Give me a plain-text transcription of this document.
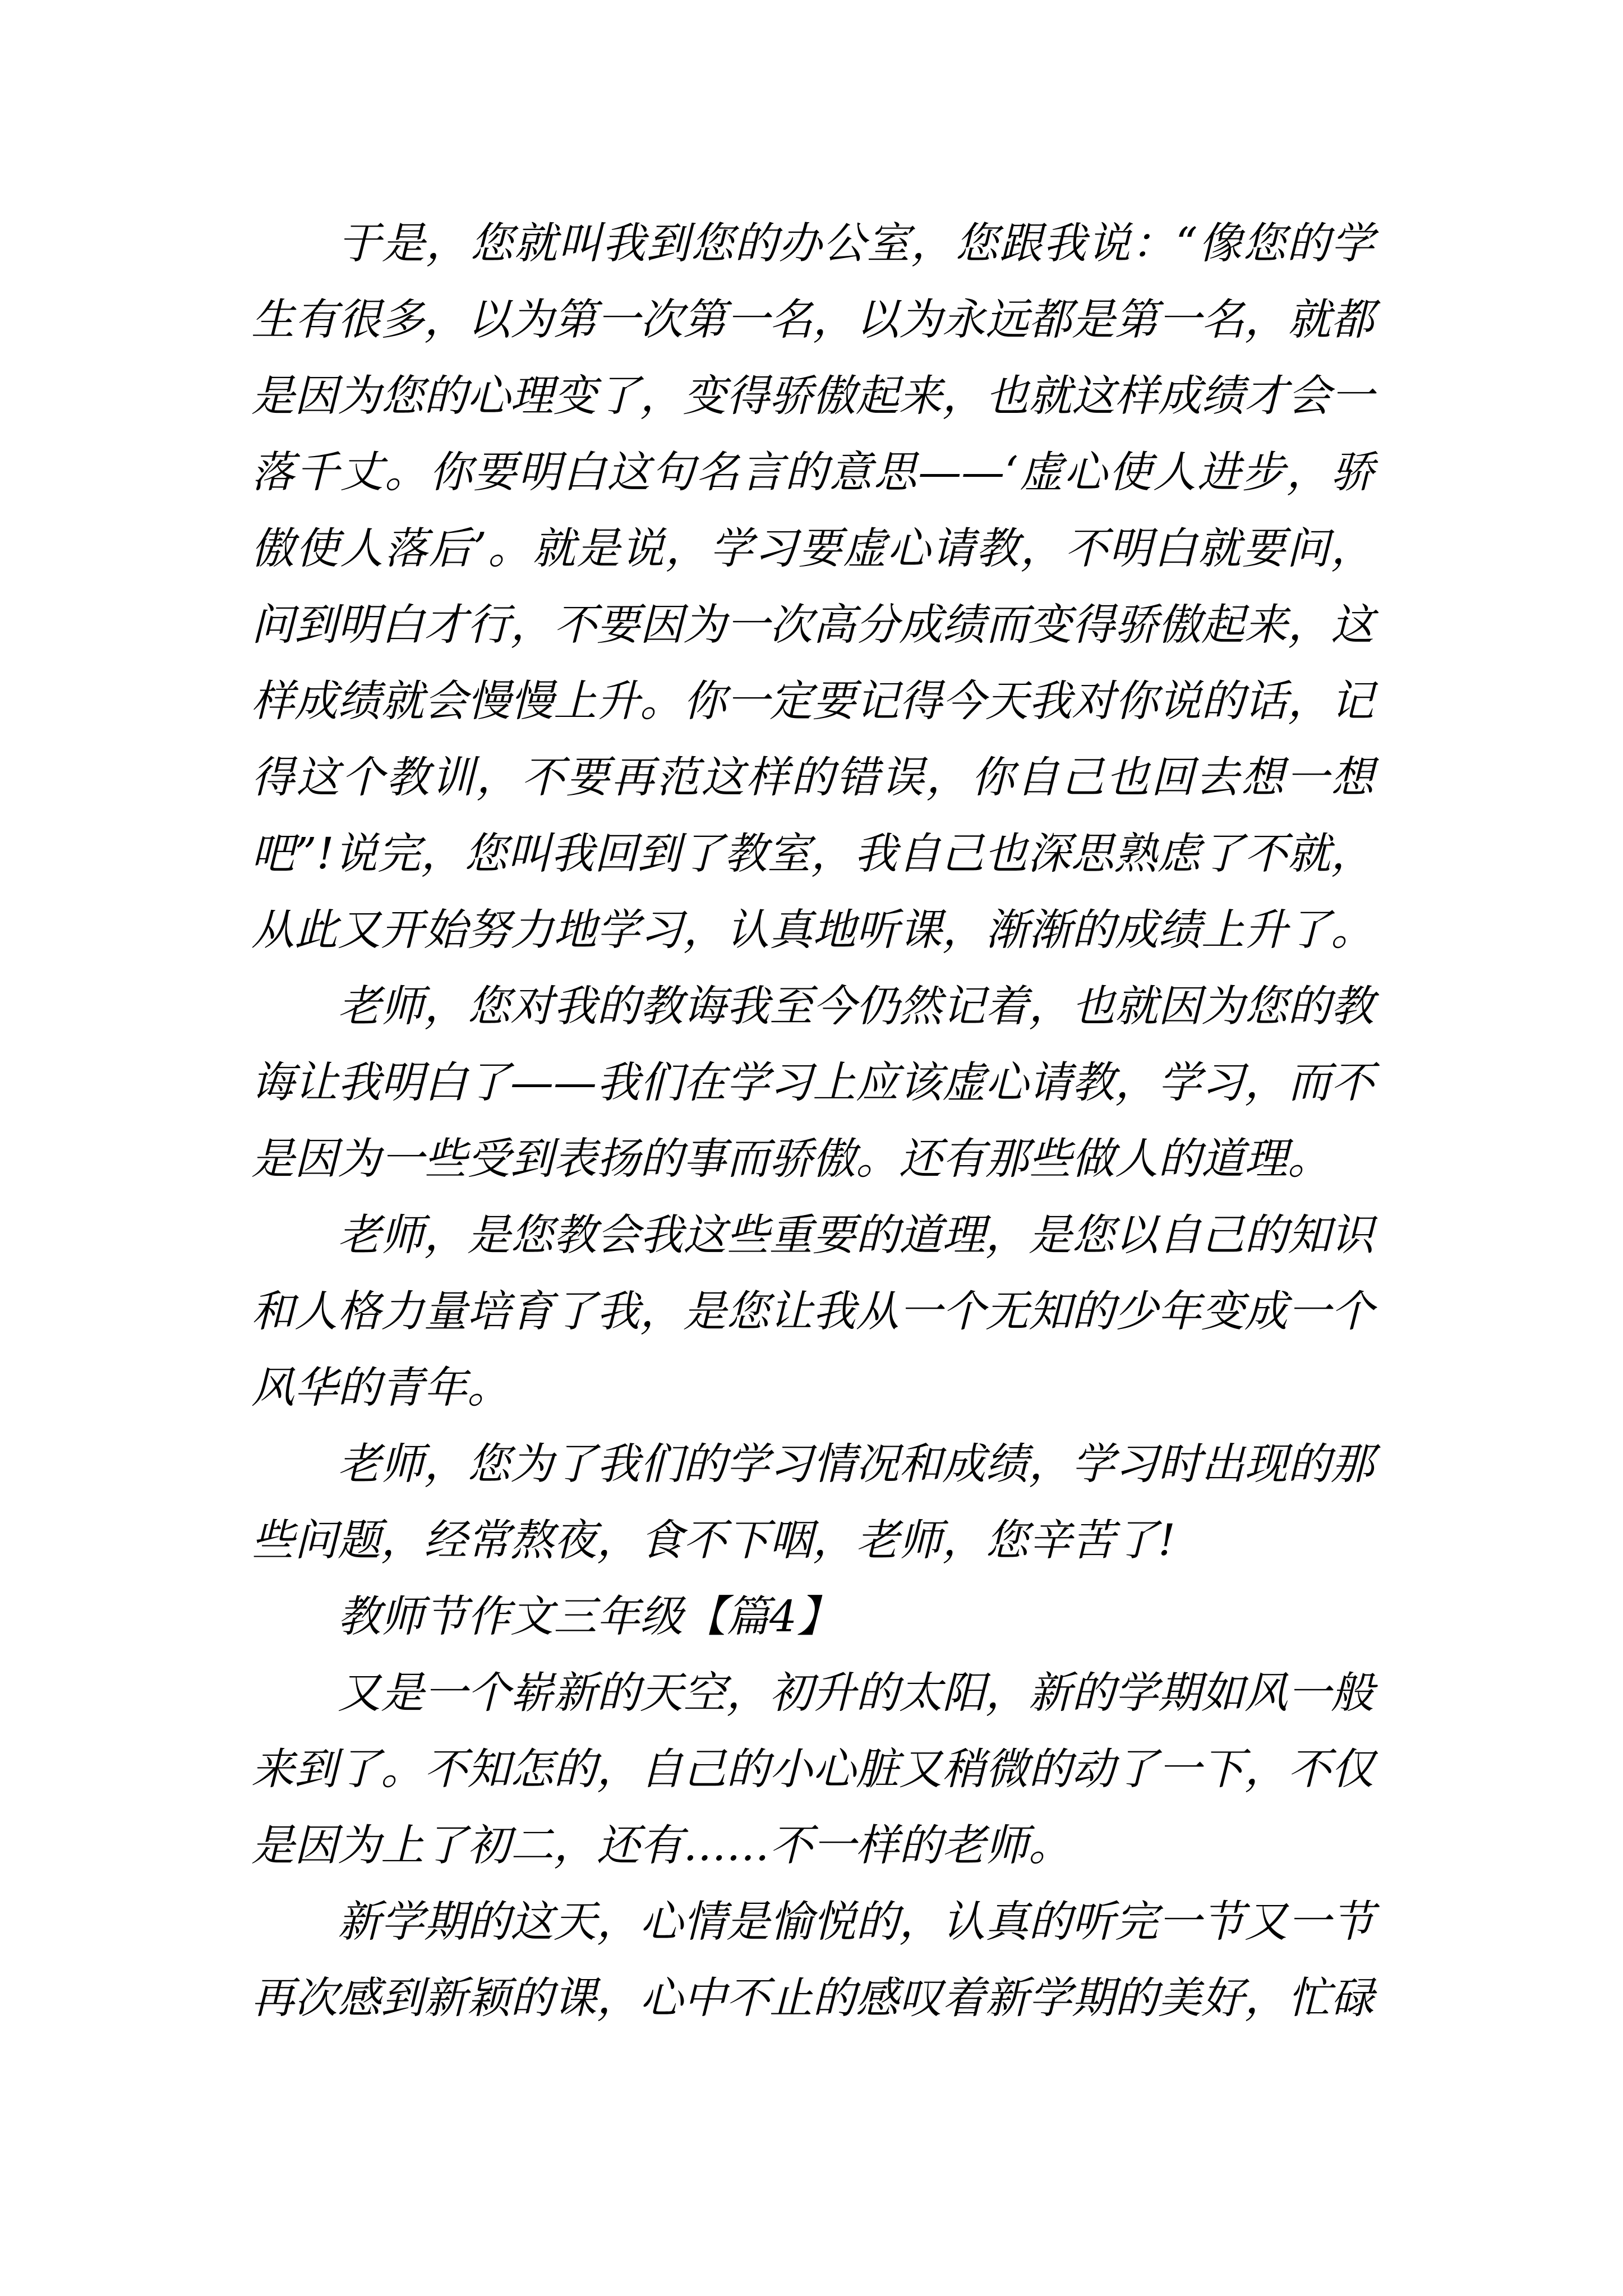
于是，您就叫我到您的办公室，您跟我说：“像您的学
生有很多，以为第一次第一名，以为永远都是第一名，就都
是因为您的心理变了，变得骄傲起来，也就这样成绩才会一
落千丈。你要明白这句名言的意思——‘虚心使人进步，骄
傲使人落后’。就是说，学习要虚心请教，不明白就要问，
问到明白才行，不要因为一次高分成绩而变得骄傲起来，这
样成绩就会慢慢上升。你一定要记得今天我对你说的话，记
得这个教训，不要再范这样的错误，你自己也回去想一想
吧”!说完，您叫我回到了教室，我自己也深思熟虑了不就，
从此又开始努力地学习，认真地听课，渐渐的成绩上升了。
老师，您对我的教诲我至今仍然记着，也就因为您的教
诲让我明白了——我们在学习上应该虚心请教，学习，而不
是因为一些受到表扬的事而骄傲。还有那些做人的道理。
老师，是您教会我这些重要的道理，是您以自己的知识
和人格力量培育了我，是您让我从一个无知的少年变成一个
风华的青年。
老师，您为了我们的学习情况和成绩，学习时出现的那
些问题，经常熬夜，食不下咽，老师，您辛苦了!
教师节作文三年级【篇4】
又是一个崭新的天空，初升的太阳，新的学期如风一般
来到了。不知怎的，自己的小心脏又稍微的动了一下，不仅
是因为上了初二，还有……不一样的老师。
新学期的这天，心情是愉悦的，认真的听完一节又一节
再次感到新颖的课，心中不止的感叹着新学期的美好，忙碌
